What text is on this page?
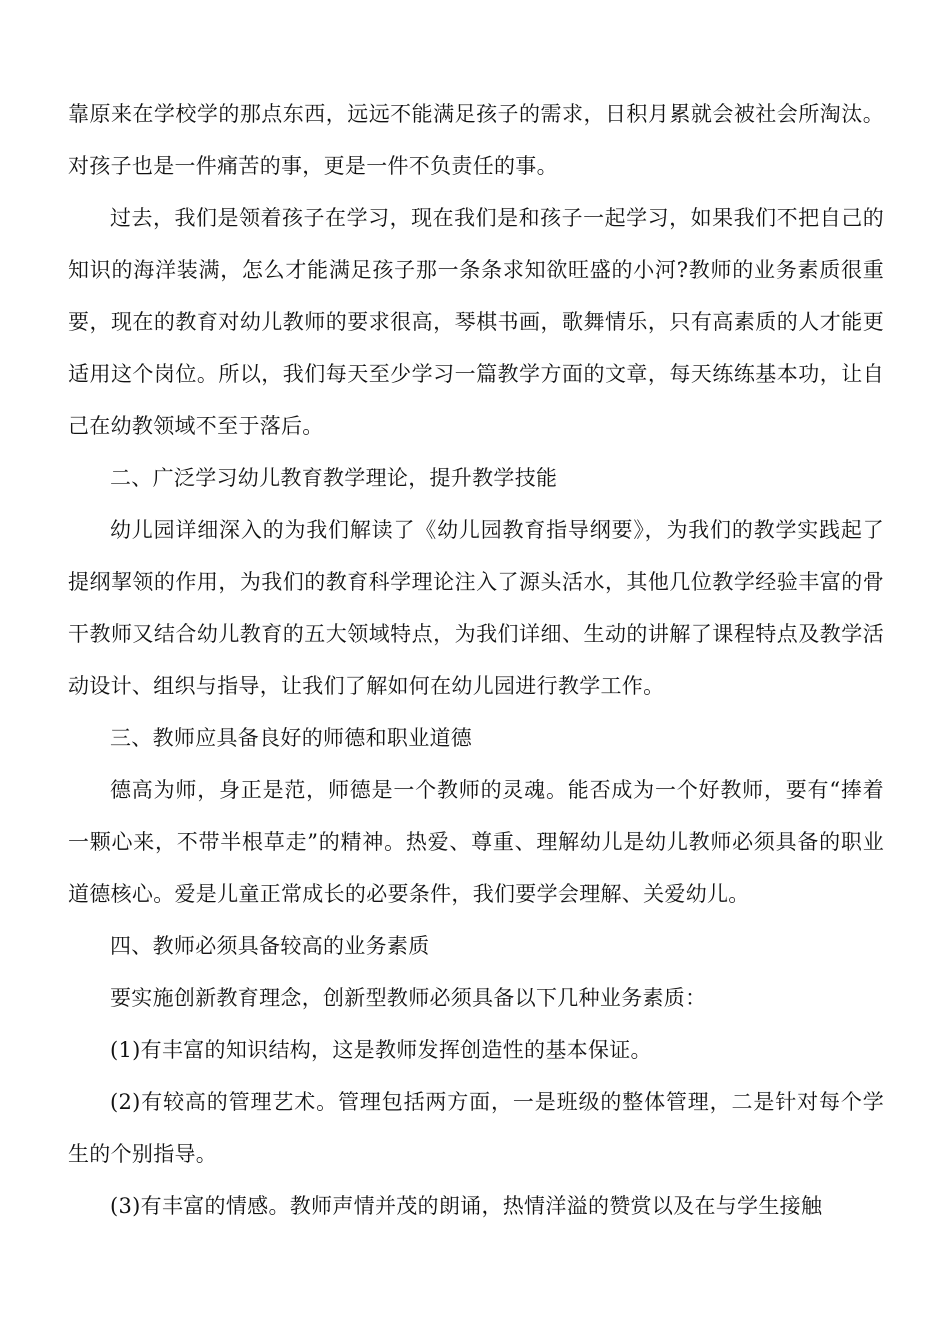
靠原来在学校学的那点东西，远远不能满足孩子的需求，日积月累就会被社会所淘汰。对孩子也是一件痛苦的事，更是一件不负责任的事。

过去，我们是领着孩子在学习，现在我们是和孩子一起学习，如果我们不把自己的知识的海洋装满，怎么才能满足孩子那一条条求知欲旺盛的小河?教师的业务素质很重要，现在的教育对幼儿教师的要求很高，琴棋书画，歌舞情乐，只有高素质的人才能更适用这个岗位。所以，我们每天至少学习一篇教学方面的文章，每天练练基本功，让自己在幼教领域不至于落后。

二、广泛学习幼儿教育教学理论，提升教学技能

幼儿园详细深入的为我们解读了《幼儿园教育指导纲要》，为我们的教学实践起了提纲挈领的作用，为我们的教育科学理论注入了源头活水，其他几位教学经验丰富的骨干教师又结合幼儿教育的五大领域特点，为我们详细、生动的讲解了课程特点及教学活动设计、组织与指导，让我们了解如何在幼儿园进行教学工作。

三、教师应具备良好的师德和职业道德

德高为师，身正是范，师德是一个教师的灵魂。能否成为一个好教师，要有“捧着一颗心来，不带半根草走”的精神。热爱、尊重、理解幼儿是幼儿教师必须具备的职业道德核心。爱是儿童正常成长的必要条件，我们要学会理解、关爱幼儿。

四、教师必须具备较高的业务素质

要实施创新教育理念，创新型教师必须具备以下几种业务素质：

(1)有丰富的知识结构，这是教师发挥创造性的基本保证。

(2)有较高的管理艺术。管理包括两方面，一是班级的整体管理，二是针对每个学生的个别指导。

(3)有丰富的情感。教师声情并茂的朗诵，热情洋溢的赞赏以及在与学生接触
